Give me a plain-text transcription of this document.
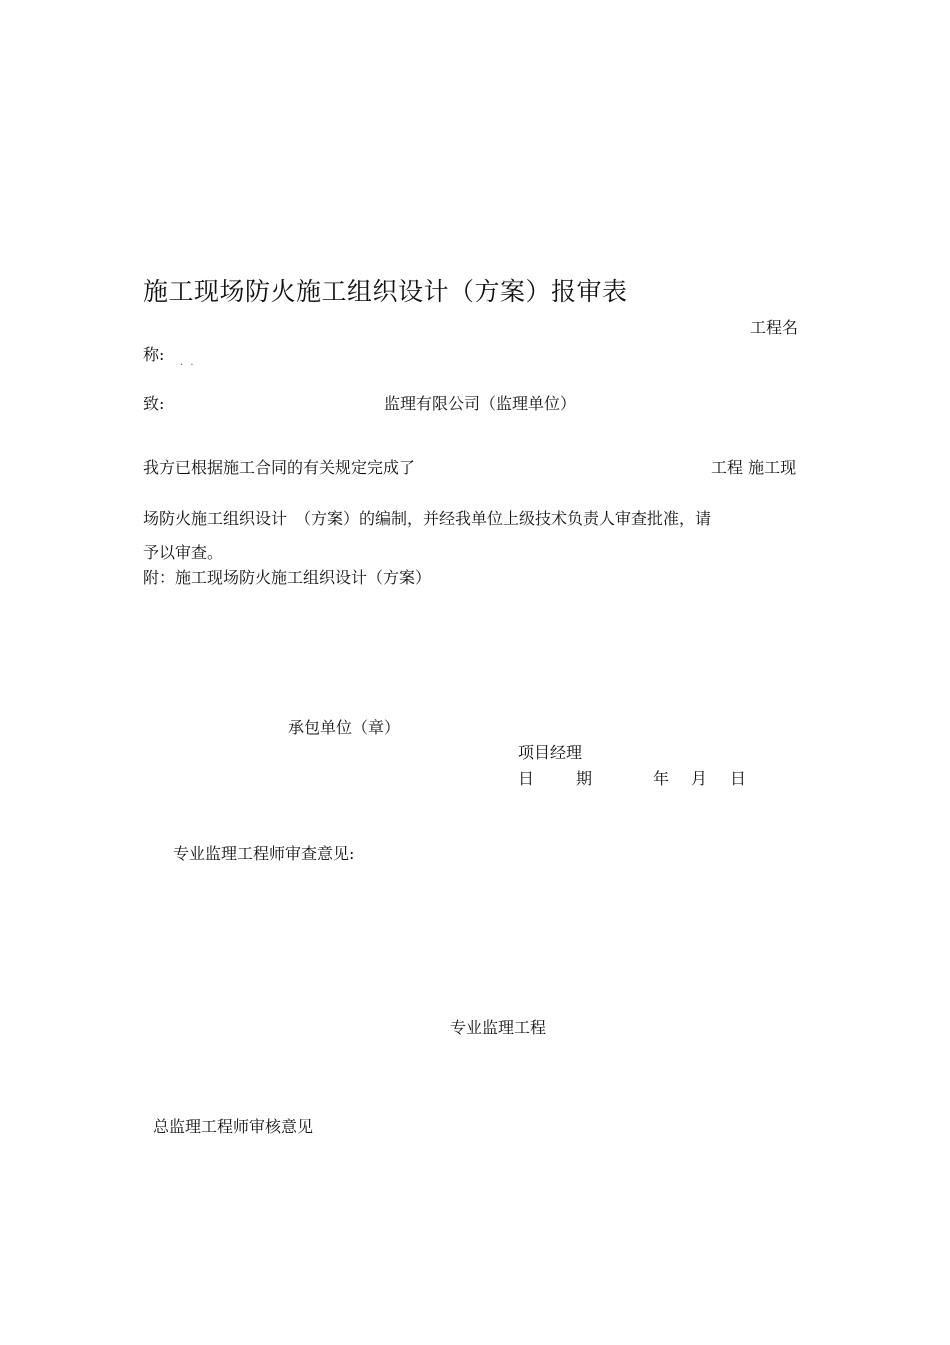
施工现场防火施工组织设计（方案）报审表
工程名
称: . .
致:	监理有限公司（监理单位）
我方已根据施工合同的有关规定完成了	工程 施工现
场防火施工组织设计　（方案）的编制，并经我单位上级技术负责人审查批准，请
予以审查。
附：施工现场防火施工组织设计（方案）
承包单位（章）
项目经理
日	期	年 月 日
专业监理工程师审查意见:
专业监理工程
总监理工程师审核意见
